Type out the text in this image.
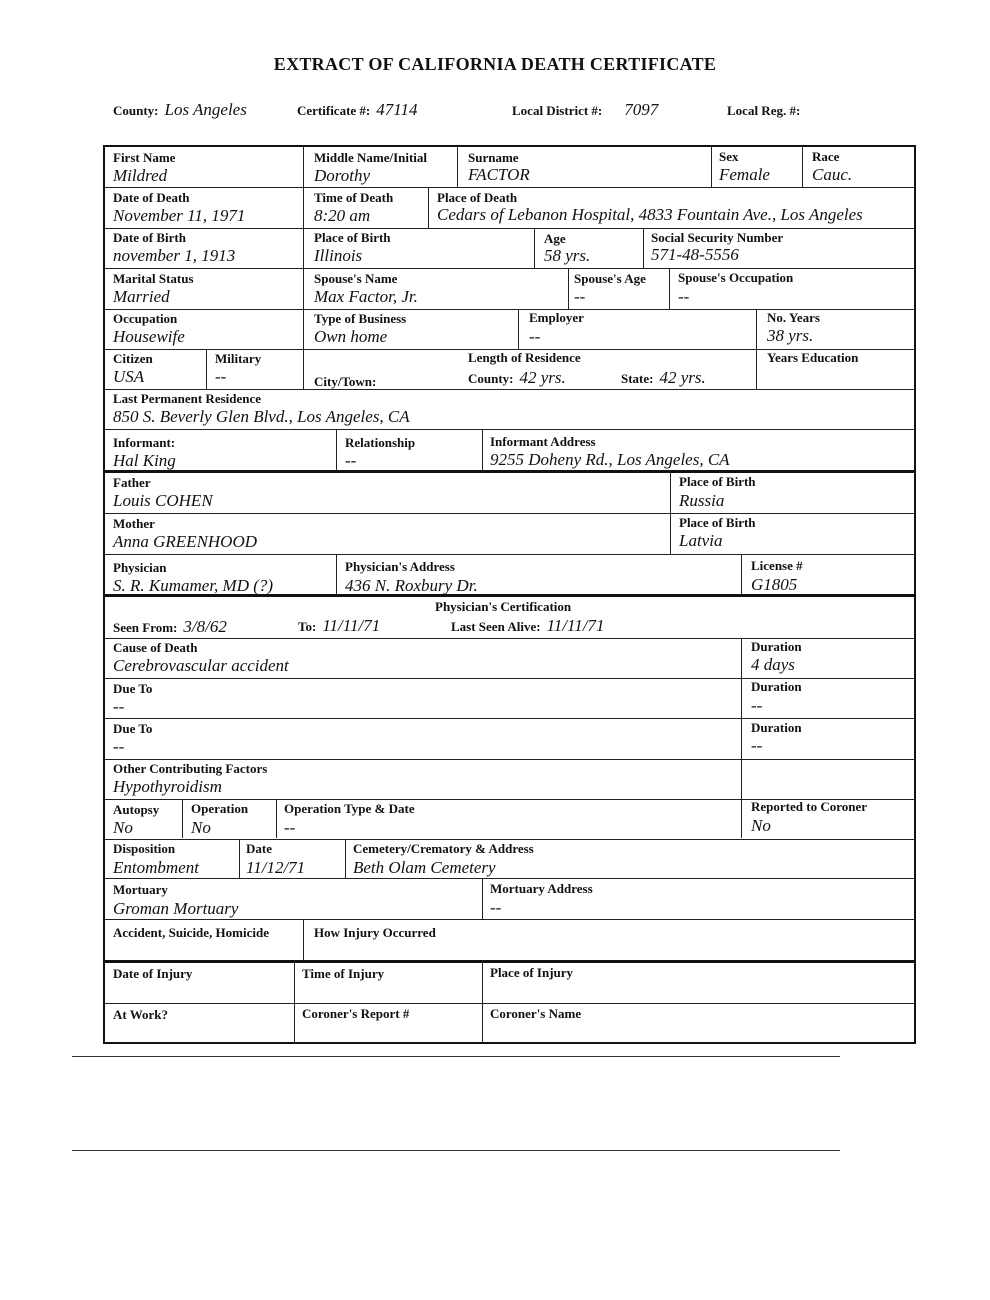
EXTRACT OF CALIFORNIA DEATH CERTIFICATE
County: Los Angeles	Certificate #: 47114	Local District #: 7097	Local Reg. #:
First Name
Mildred
Middle Name/Initial
Dorothy
Surname
FACTOR
Sex
Female
Race
Cauc.
Date of Death
November 11, 1971
Time of Death
8:20 am
Place of Death
Cedars of Lebanon Hospital, 4833 Fountain Ave., Los Angeles
Date of Birth
november 1, 1913
Place of Birth
Illinois
Age
58 yrs.
Social Security Number
571-48-5556
Marital Status
Married
Spouse's Name
Max Factor, Jr.
Spouse's Age
--
Spouse's Occupation
--
Occupation
Housewife
Type of Business
Own home
Employer
--
No. Years
38 yrs.
Citizen
USA
Military
--
Length of Residence
City/Town:	County: 42 yrs.	State: 42 yrs.
Years Education
Last Permanent Residence
850 S. Beverly Glen Blvd., Los Angeles, CA
Informant:
Hal King
Relationship
--
Informant Address
9255 Doheny Rd., Los Angeles, CA
Father
Louis COHEN
Place of Birth
Russia
Mother
Anna GREENHOOD
Place of Birth
Latvia
Physician
S. R. Kumamer, MD (?)
Physician's Address
436 N. Roxbury Dr.
License #
G1805
Physician's Certification
Seen From: 3/8/62	To: 11/11/71	Last Seen Alive: 11/11/71
Cause of Death
Cerebrovascular accident
Duration
4 days
Due To
--
Duration
--
Due To
--
Duration
--
Other Contributing Factors
Hypothyroidism
Autopsy
No
Operation
No
Operation Type & Date
--
Reported to Coroner
No
Disposition
Entombment
Date
11/12/71
Cemetery/Crematory & Address
Beth Olam Cemetery
Mortuary
Groman Mortuary
Mortuary Address
--
Accident, Suicide, Homicide	How Injury Occurred
Date of Injury	Time of Injury	Place of Injury
At Work?	Coroner's Report #	Coroner's Name
